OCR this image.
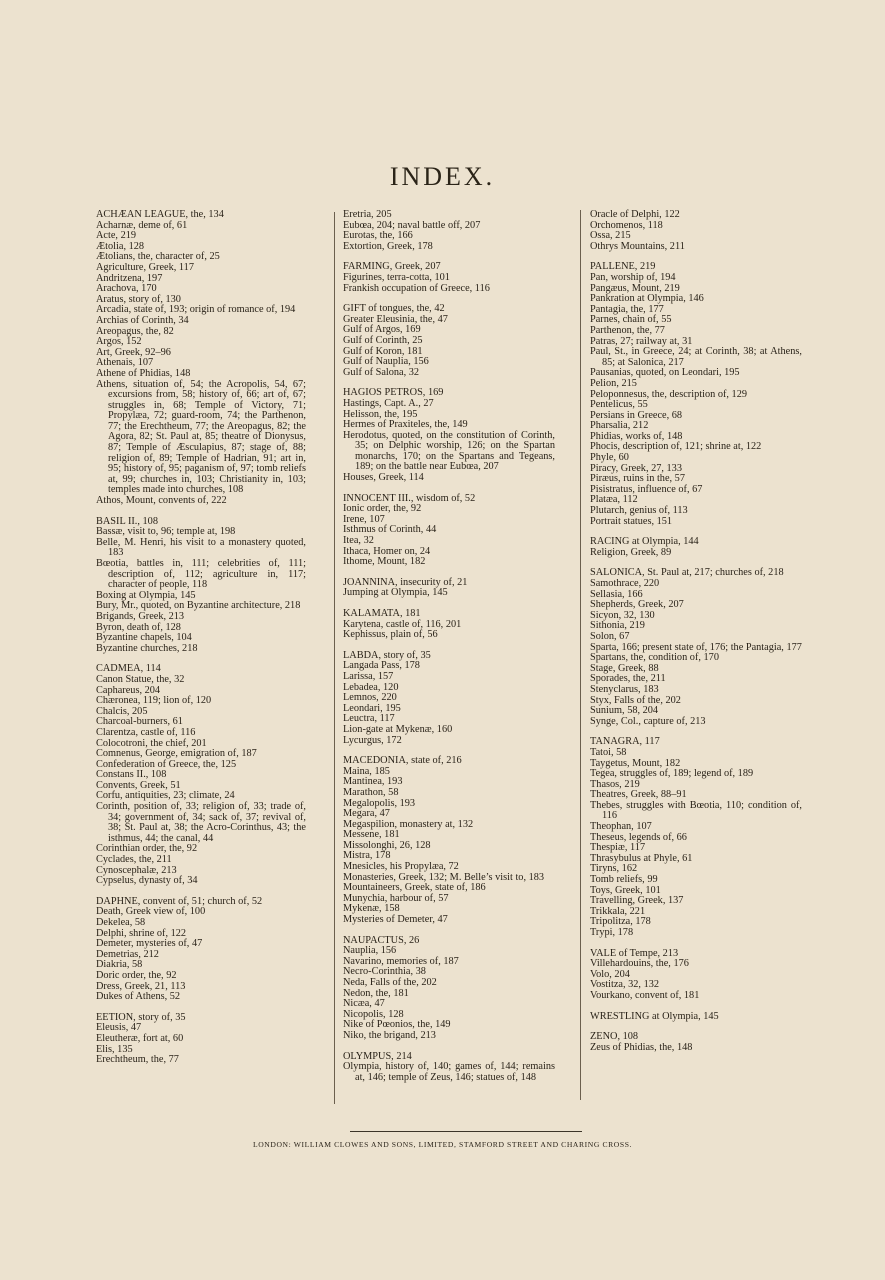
INDEX.

ACHÆAN LEAGUE, the, 134

Acharnæ, deme of, 61

Acte, 219

Ætolia, 128

Ætolians, the, character of, 25

Agriculture, Greek, 117

Andritzena, 197

Arachova, 170

Aratus, story of, 130

Arcadia, state of, 193; origin of romance of, 194

Archias of Corinth, 34

Areopagus, the, 82

Argos, 152

Art, Greek, 92–96

Athenais, 107

Athene of Phidias, 148

Athens, situation of, 54; the Acropolis, 54, 67; excursions from, 58; history of, 66; art of, 67; struggles in, 68; Temple of Victory, 71; Propylæa, 72; guard-room, 74; the Parthenon, 77; the Erechtheum, 77; the Areopagus, 82; the Agora, 82; St. Paul at, 85; theatre of Dionysus, 87; Temple of Æsculapius, 87; stage of, 88; religion of, 89; Temple of Hadrian, 91; art in, 95; history of, 95; paganism of, 97; tomb reliefs at, 99; churches in, 103; Christianity in, 103; temples made into churches, 108

Athos, Mount, convents of, 222

BASIL II., 108

Bassæ, visit to, 96; temple at, 198

Belle, M. Henri, his visit to a monastery quoted, 183

Bœotia, battles in, 111; celebrities of, 111; description of, 112; agriculture in, 117; character of people, 118

Boxing at Olympia, 145

Bury, Mr., quoted, on Byzantine architecture, 218

Brigands, Greek, 213

Byron, death of, 128

Byzantine chapels, 104

Byzantine churches, 218

CADMEA, 114

Canon Statue, the, 32

Caphareus, 204

Chæronea, 119; lion of, 120

Chalcis, 205

Charcoal-burners, 61

Clarentza, castle of, 116

Colocotroni, the chief, 201

Comnenus, George, emigration of, 187

Confederation of Greece, the, 125

Constans II., 108

Convents, Greek, 51

Corfu, antiquities, 23; climate, 24

Corinth, position of, 33; religion of, 33; trade of, 34; government of, 34; sack of, 37; revival of, 38; St. Paul at, 38; the Acro-Corinthus, 43; the isthmus, 44; the canal, 44

Corinthian order, the, 92

Cyclades, the, 211

Cynoscephalæ, 213

Cypselus, dynasty of, 34

DAPHNE, convent of, 51; church of, 52

Death, Greek view of, 100

Dekelea, 58

Delphi, shrine of, 122

Demeter, mysteries of, 47

Demetrias, 212

Diakria, 58

Doric order, the, 92

Dress, Greek, 21, 113

Dukes of Athens, 52

EETION, story of, 35

Eleusis, 47

Eleutheræ, fort at, 60

Elis, 135

Erechtheum, the, 77

Eretria, 205

Eubœa, 204; naval battle off, 207

Eurotas, the, 166

Extortion, Greek, 178

FARMING, Greek, 207

Figurines, terra-cotta, 101

Frankish occupation of Greece, 116

GIFT of tongues, the, 42

Greater Eleusinia, the, 47

Gulf of Argos, 169

Gulf of Corinth, 25

Gulf of Koron, 181

Gulf of Nauplia, 156

Gulf of Salona, 32

HAGIOS PETROS, 169

Hastings, Capt. A., 27

Helisson, the, 195

Hermes of Praxiteles, the, 149

Herodotus, quoted, on the constitution of Corinth, 35; on Delphic worship, 126; on the Spartan monarchs, 170; on the Spartans and Tegeans, 189; on the battle near Eubœa, 207

Houses, Greek, 114

INNOCENT III., wisdom of, 52

Ionic order, the, 92

Irene, 107

Isthmus of Corinth, 44

Itea, 32

Ithaca, Homer on, 24

Ithome, Mount, 182

JOANNINA, insecurity of, 21

Jumping at Olympia, 145

KALAMATA, 181

Karytena, castle of, 116, 201

Kephissus, plain of, 56

LABDA, story of, 35

Langada Pass, 178

Larissa, 157

Lebadea, 120

Lemnos, 220

Leondari, 195

Leuctra, 117

Lion-gate at Mykenæ, 160

Lycurgus, 172

MACEDONIA, state of, 216

Maina, 185

Mantinea, 193

Marathon, 58

Megalopolis, 193

Megara, 47

Megaspilion, monastery at, 132

Messene, 181

Missolonghi, 26, 128

Mistra, 178

Mnesicles, his Propylæa, 72

Monasteries, Greek, 132; M. Belle’s visit to, 183

Mountaineers, Greek, state of, 186

Munychia, harbour of, 57

Mykenæ, 158

Mysteries of Demeter, 47

NAUPACTUS, 26

Nauplia, 156

Navarino, memories of, 187

Necro-Corinthia, 38

Neda, Falls of the, 202

Nedon, the, 181

Nicæa, 47

Nicopolis, 128

Nike of Pœonios, the, 149

Niko, the brigand, 213

OLYMPUS, 214

Olympia, history of, 140; games of, 144; remains at, 146; temple of Zeus, 146; statues of, 148

Oracle of Delphi, 122

Orchomenos, 118

Ossa, 215

Othrys Mountains, 211

PALLENE, 219

Pan, worship of, 194

Pangæus, Mount, 219

Pankration at Olympia, 146

Pantagia, the, 177

Parnes, chain of, 55

Parthenon, the, 77

Patras, 27; railway at, 31

Paul, St., in Greece, 24; at Corinth, 38; at Athens, 85; at Salonica, 217

Pausanias, quoted, on Leondari, 195

Pelion, 215

Peloponnesus, the, description of, 129

Pentelicus, 55

Persians in Greece, 68

Pharsalia, 212

Phidias, works of, 148

Phocis, description of, 121; shrine at, 122

Phyle, 60

Piracy, Greek, 27, 133

Piræus, ruins in the, 57

Pisistratus, influence of, 67

Platæa, 112

Plutarch, genius of, 113

Portrait statues, 151

RACING at Olympia, 144

Religion, Greek, 89

SALONICA, St. Paul at, 217; churches of, 218

Samothrace, 220

Sellasia, 166

Shepherds, Greek, 207

Sicyon, 32, 130

Sithonia, 219

Solon, 67

Sparta, 166; present state of, 176; the Pantagia, 177

Spartans, the, condition of, 170

Stage, Greek, 88

Sporades, the, 211

Stenyclarus, 183

Styx, Falls of the, 202

Sunium, 58, 204

Synge, Col., capture of, 213

TANAGRA, 117

Tatoi, 58

Taygetus, Mount, 182

Tegea, struggles of, 189; legend of, 189

Thasos, 219

Theatres, Greek, 88–91

Thebes, struggles with Bœotia, 110; condition of, 116

Theophan, 107

Theseus, legends of, 66

Thespiæ, 117

Thrasybulus at Phyle, 61

Tiryns, 162

Tomb reliefs, 99

Toys, Greek, 101

Travelling, Greek, 137

Trikkala, 221

Tripolitza, 178

Trypi, 178

VALE of Tempe, 213

Villehardouins, the, 176

Volo, 204

Vostitza, 32, 132

Vourkano, convent of, 181

WRESTLING at Olympia, 145

ZENO, 108

Zeus of Phidias, the, 148

LONDON: WILLIAM CLOWES AND SONS, LIMITED, STAMFORD STREET AND CHARING CROSS.
